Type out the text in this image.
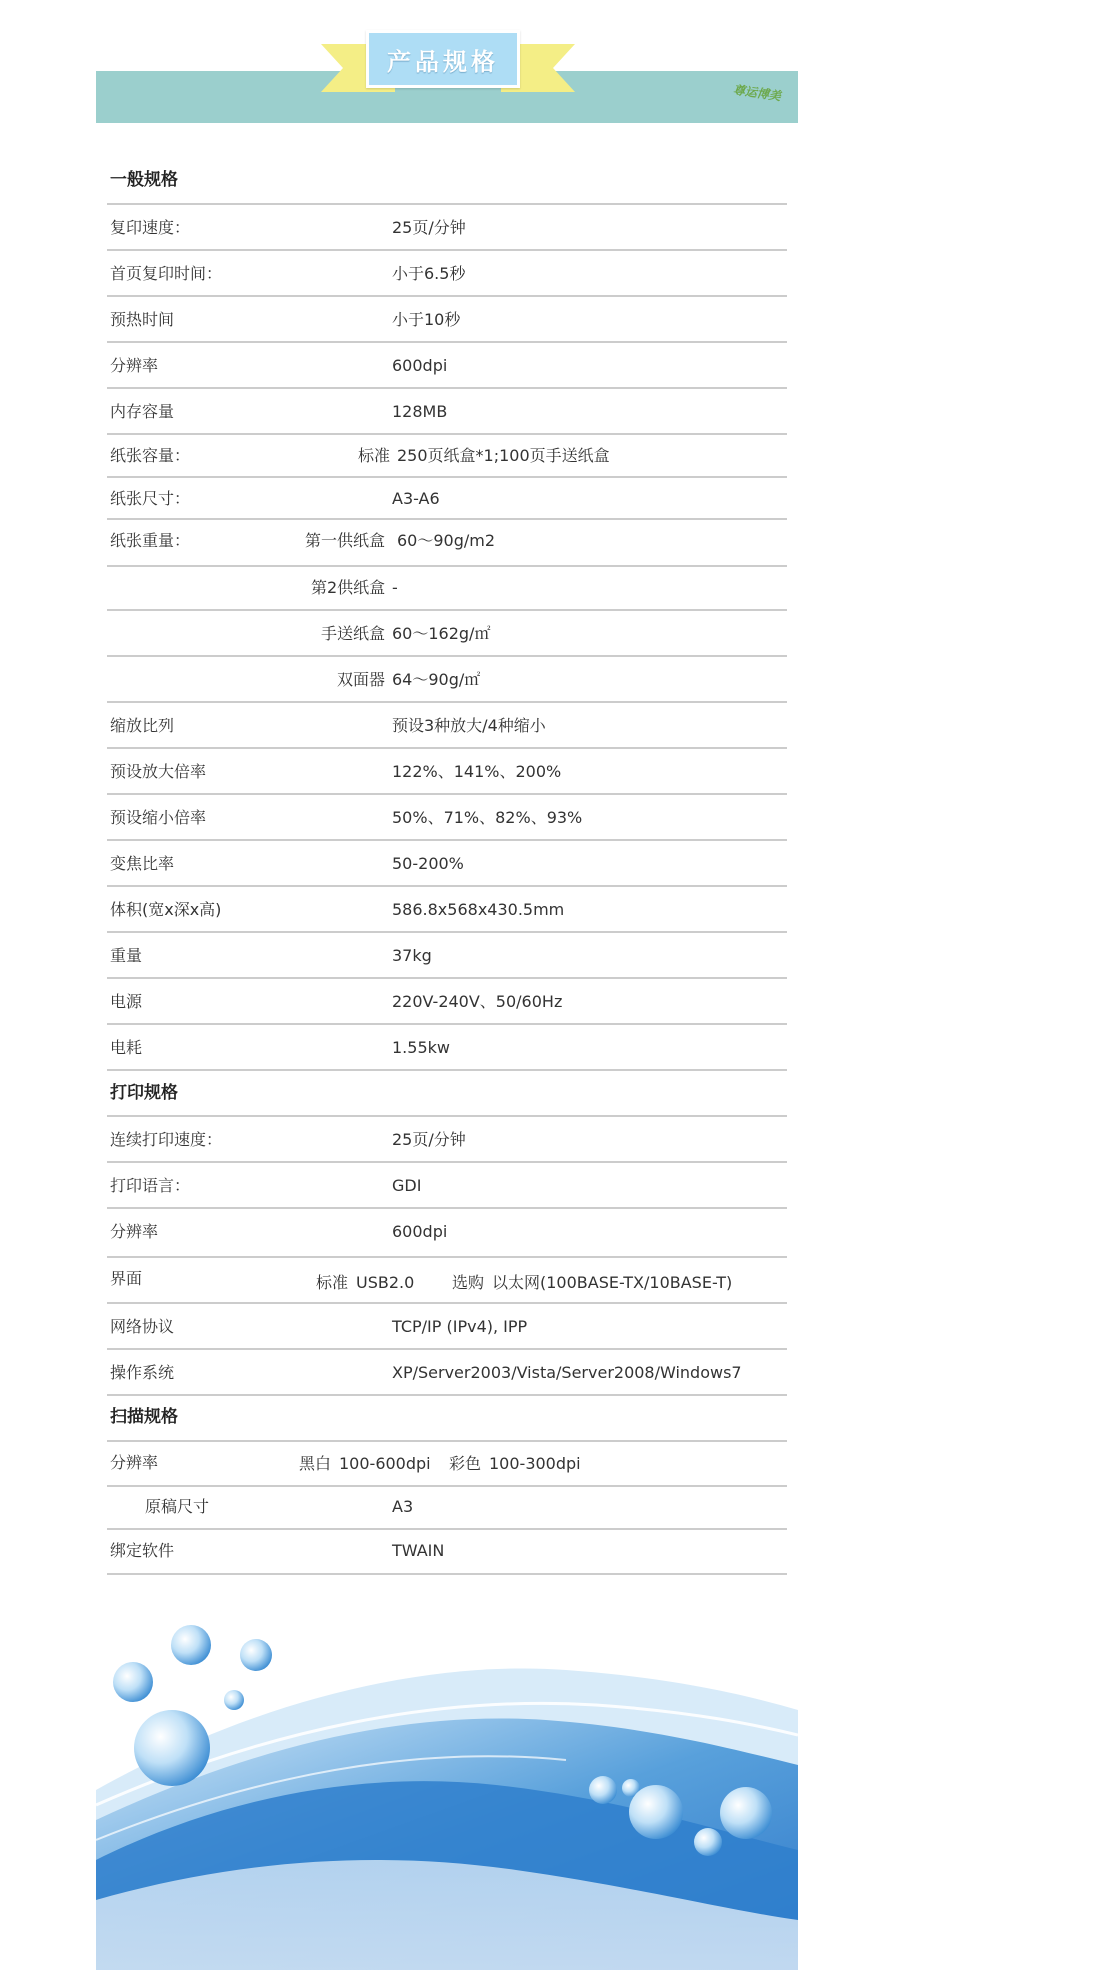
产品规格
尊运博美
一般规格
复印速度：	25页/分钟
首页复印时间：	小于6.5秒
预热时间	小于10秒
分辨率	600dpi
内存容量	128MB
纸张容量：	标准 250页纸盒*1;100页手送纸盒
纸张尺寸：	A3-A6
纸张重量：	第一供纸盒 60～90g/m2
第2供纸盒 -
手送纸盒 60～162g/㎡
双面器 64～90g/㎡
缩放比列	预设3种放大/4种缩小
预设放大倍率	122%、141%、200%
预设缩小倍率	50%、71%、82%、93%
变焦比率	50-200%
体积(宽x深x高)	586.8x568x430.5mm
重量	37kg
电源	220V-240V、50/60Hz
电耗	1.55kw
打印规格
连续打印速度：	25页/分钟
打印语言：	GDI
分辨率	600dpi
界面	标准 USB2.0 选购 以太网(100BASE-TX/10BASE-T)
网络协议	TCP/IP (IPv4), IPP
操作系统	XP/Server2003/Vista/Server2008/Windows7
扫描规格
分辨率	黑白 100-600dpi 彩色 100-300dpi
原稿尺寸	A3
绑定软件	TWAIN
